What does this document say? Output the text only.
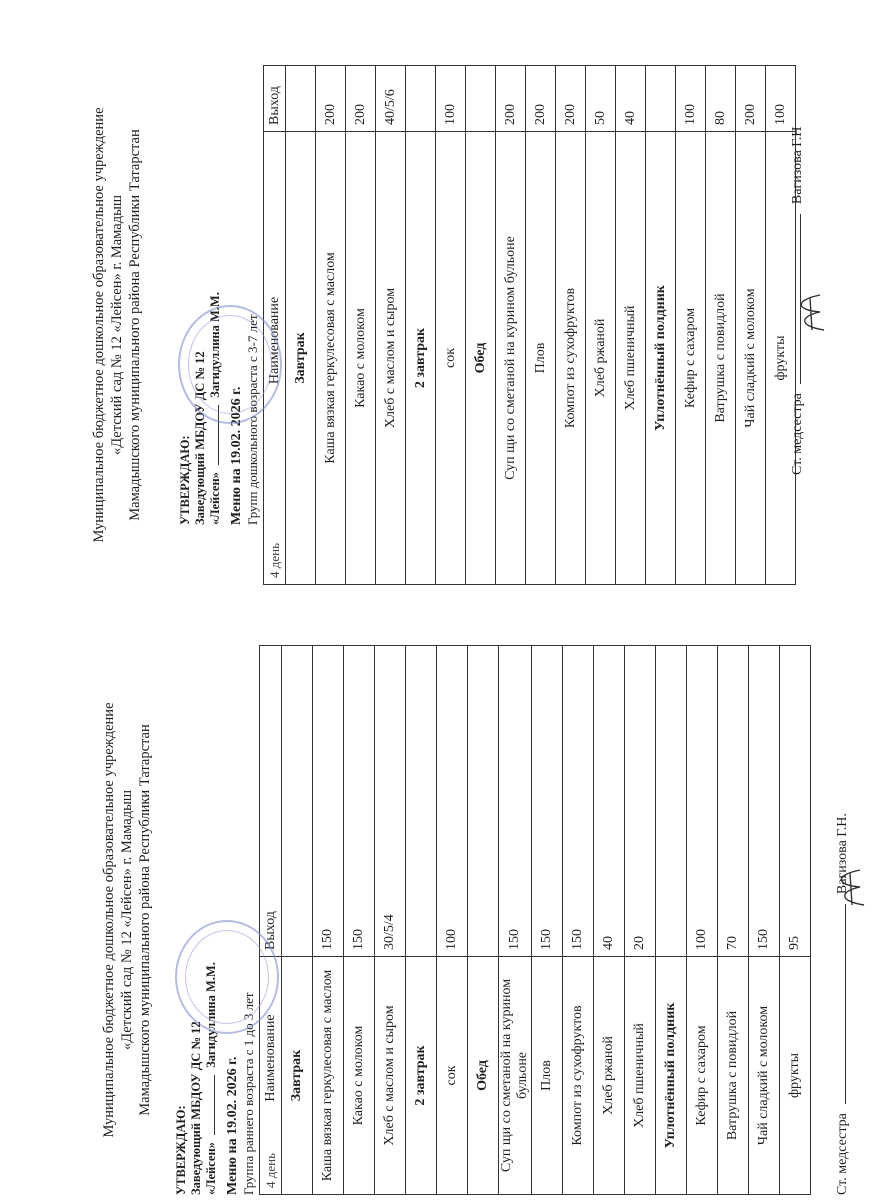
Муниципальное бюджетное дошкольное образовательное учреждение «Детский сад № 12 «Лейсен» г. Мамадыш Мамадышского муниципального района Республики Татарстан
УТВЕРЖДАЮ: Заведующий МБДОУ ДС № 12 «Лейсен»  Загидуллина М.М.
Меню на 19.02. 2026 г. Группа раннего возраста с 1 до 3 лет 4 день
Наименование	Выход
Завтрак	
Каша вязкая геркулесовая с маслом	150
Какао с молоком	150
Хлеб с маслом и сыром	30/5/4
2 завтрак	
сок	100
Обед	
Суп щи со сметаной на курином бульоне	150
Плов	150
Компот из сухофруктов	150
Хлеб ржаной	40
Хлеб пшеничный	20
Уплотнённый полдник	
Кефир с сахаром	100
Ватрушка с повидлой	70
Чай сладкий с молоком	150
фрукты	95
Муниципальное бюджетное дошкольное образовательное учреждение «Детский сад № 12 «Лейсен» г. Мамадыш Мамадышского муниципального района Республики Татарстан	УТВЕРЖДАЮ: Заведующий МБДОУ ДС № 12 «Лейсен»  Загидуллина М.М.
Меню на 19.02. 2026 г. Групп дошкольного возраста с 3-7 лет
4 день
Наименование	Выход
Завтрак	
Каша вязкая геркулесовая с маслом	200
Какао с молоком	200
Хлеб с маслом и сыром	40/5/6
2 завтрак	
сок	100
Обед	
Суп щи со сметаной на курином бульоне	200
Плов	200
Компот из сухофруктов	200
Хлеб ржаной	50
Хлеб пшеничный	40
Уплотнённый полдник	
Кефир с сахаром	100
Ватрушка с повидлой	80
Чай сладкий с молоком	200
фрукты	100
Ст. медсестра  Вагизова Г.Н
Ст. медсестра  Вагизова Г.Н.
